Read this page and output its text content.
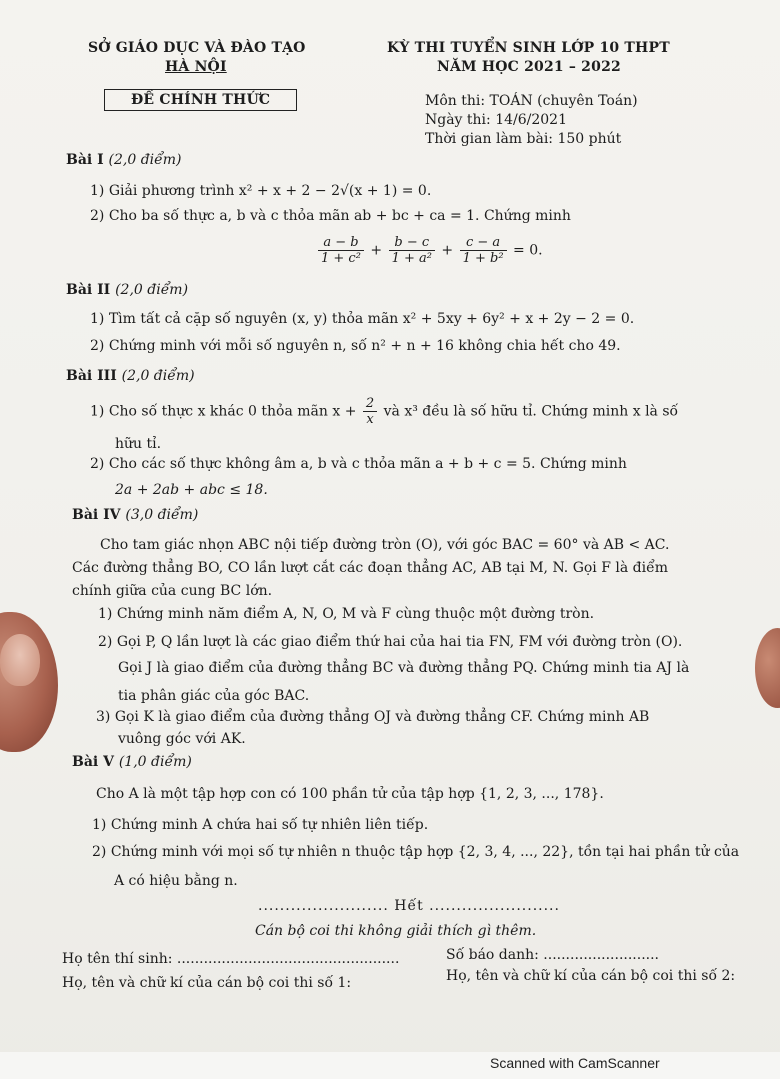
SỞ GIÁO DỤC VÀ ĐÀO TẠO
HÀ NỘI
ĐỀ CHÍNH THỨC
KỲ THI TUYỂN SINH LỚP 10 THPT
NĂM HỌC 2021 – 2022
Môn thi: TOÁN (chuyên Toán)
Ngày thi: 14/6/2021
Thời gian làm bài: 150 phút
Bài I (2,0 điểm)
1) Giải phương trình x² + x + 2 − 2√(x + 1) = 0.
2) Cho ba số thực a, b và c thỏa mãn ab + bc + ca = 1. Chứng minh
$\frac{a - b}{\text{1 + c²}} + \frac{b - c}{\text{1 + a²}} + \frac{c - a}{\text{1 + b²}} = 0$.
Bài II (2,0 điểm)
1) Tìm tất cả cặp số nguyên (x, y) thỏa mãn x² + 5xy + 6y² + x + 2y − 2 = 0.
2) Chứng minh với mỗi số nguyên n, số n² + n + 16 không chia hết cho 49.
Bài III (2,0 điểm)
1) Cho số thực x khác 0 thỏa mãn $x + \frac{2}{x}$ và x³ đều là số hữu tỉ. Chứng minh x là số
hữu tỉ.
2) Cho các số thực không âm a, b và c thỏa mãn a + b + c = 5. Chứng minh
2a + 2ab + abc ≤ 18.
Bài IV (3,0 điểm)
Cho tam giác nhọn ABC nội tiếp đường tròn (O), với góc BAC = 60° và AB < AC.
Các đường thẳng BO, CO lần lượt cắt các đoạn thẳng AC, AB tại M, N. Gọi F là điểm
chính giữa của cung BC lớn.
1) Chứng minh năm điểm A, N, O, M và F cùng thuộc một đường tròn.
2) Gọi P, Q lần lượt là các giao điểm thứ hai của hai tia FN, FM với đường tròn (O).
Gọi J là giao điểm của đường thẳng BC và đường thẳng PQ. Chứng minh tia AJ là
tia phân giác của góc BAC.
3) Gọi K là giao điểm của đường thẳng OJ và đường thẳng CF. Chứng minh AB
vuông góc với AK.
Bài V (1,0 điểm)
Cho A là một tập hợp con có 100 phần tử của tập hợp {1, 2, 3, ..., 178}.
1) Chứng minh A chứa hai số tự nhiên liên tiếp.
2) Chứng minh với mọi số tự nhiên n thuộc tập hợp {2, 3, 4, ..., 22}, tồn tại hai phần tử của
A có hiệu bằng n.
........................ Hết ........................
Cán bộ coi thi không giải thích gì thêm.
Họ tên thí sinh: ..................................................	Số báo danh: ..........................
Họ, tên và chữ kí của cán bộ coi thi số 1:	Họ, tên và chữ kí của cán bộ coi thi số 2:
Scanned with CamScanner
